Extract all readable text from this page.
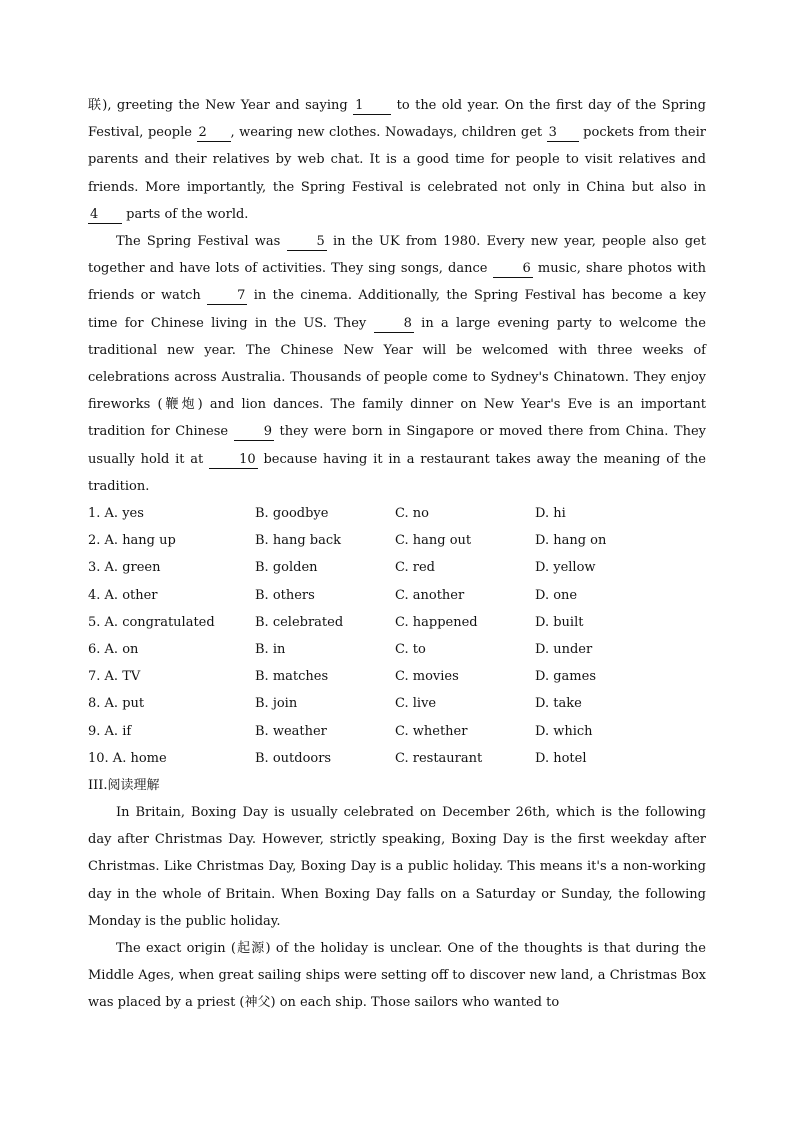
联), greeting the New Year and saying 1	to the old year. On the first day of the Spring Festival, people 2 , wearing new clothes. Nowadays, children get 3 pockets from their parents and their relatives by web chat. It is a good time for people to visit relatives and friends. More importantly, the Spring Festival is celebrated not only in China but also in 4 parts of the world.

The Spring Festival was	5 in the UK from 1980. Every new year, people also get together and have lots of activities. They sing songs, dance	6 music, share photos with friends or watch	7 in the cinema. Additionally, the Spring Festival has become a key time for Chinese living in the US. They	8 in a large evening party to welcome the traditional new year. The Chinese New Year will be welcomed with three weeks of celebrations across Australia. Thousands of people come to Sydney's Chinatown. They enjoy fireworks (鞭炮) and lion dances. The family dinner on New Year's Eve is an important tradition for Chinese	9 they were born in Singapore or moved there from China. They usually hold it at	10 because having it in a restaurant takes away the meaning of the tradition.

1. A. yes	B. goodbye	C. no	D. hi
2. A. hang up	B. hang back	C. hang out	D. hang on
3. A. green	B. golden	C. red	D. yellow
4. A. other	B. others	C. another	D. one
5. A. congratulated	B. celebrated	C. happened	D. built
6. A. on	B. in	C. to	D. under
7. A. TV	B. matches	C. movies	D. games
8. A. put	B. join	C. live	D. take
9. A. if	B. weather	C. whether	D. which
10. A. home	B. outdoors	C. restaurant	D. hotel
III.阅读理解

In Britain, Boxing Day is usually celebrated on December 26th, which is the following day after Christmas Day. However, strictly speaking, Boxing Day is the first weekday after Christmas. Like Christmas Day, Boxing Day is a public holiday. This means it's a non-working day in the whole of Britain. When Boxing Day falls on a Saturday or Sunday, the following Monday is the public holiday.

The exact origin (起源) of the holiday is unclear. One of the thoughts is that during the Middle Ages, when great sailing ships were setting off to discover new land, a Christmas Box was placed by a priest (神父) on each ship. Those sailors who wanted to
